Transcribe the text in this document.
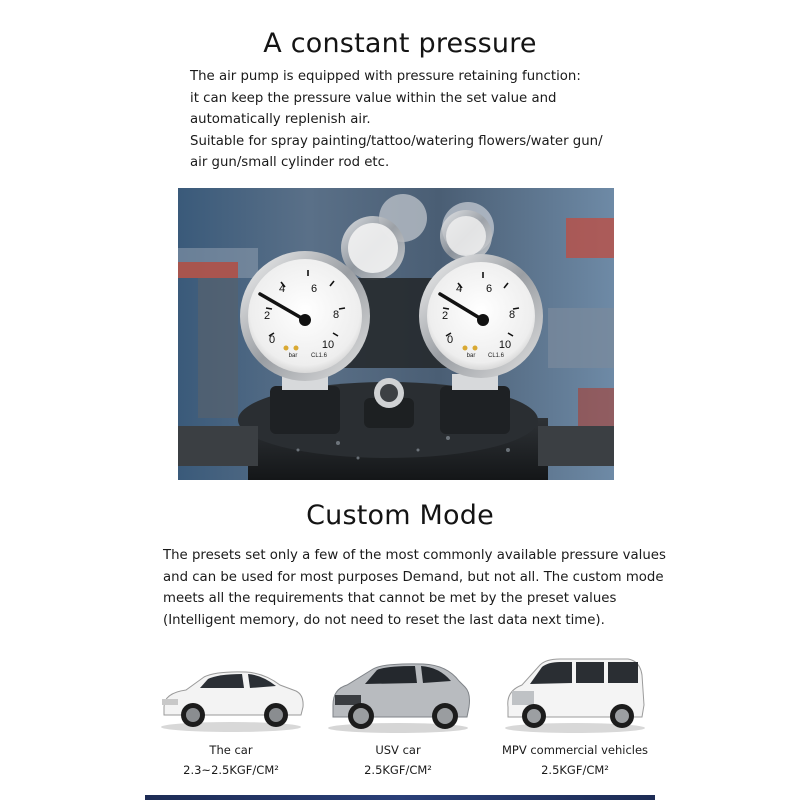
A constant pressure
The air pump is equipped with pressure retaining function:
it can keep the pressure value within the set value and
automatically replenish air.
Suitable for spray painting/tattoo/watering flowers/water gun/
air gun/small cylinder rod etc.
0
2
4 6
8
10	0
2
4 6
8
10
bar CL1.6	bar CL1.6
Custom Mode
The presets set only a few of the most commonly available pressure values
and can be used for most purposes Demand, but not all. The custom mode
meets all the requirements that cannot be met by the preset values
(Intelligent memory, do not need to reset the last data next time).
The car
2.3~2.5KGF/CM²
USV car
2.5KGF/CM²
MPV commercial vehicles
2.5KGF/CM²
